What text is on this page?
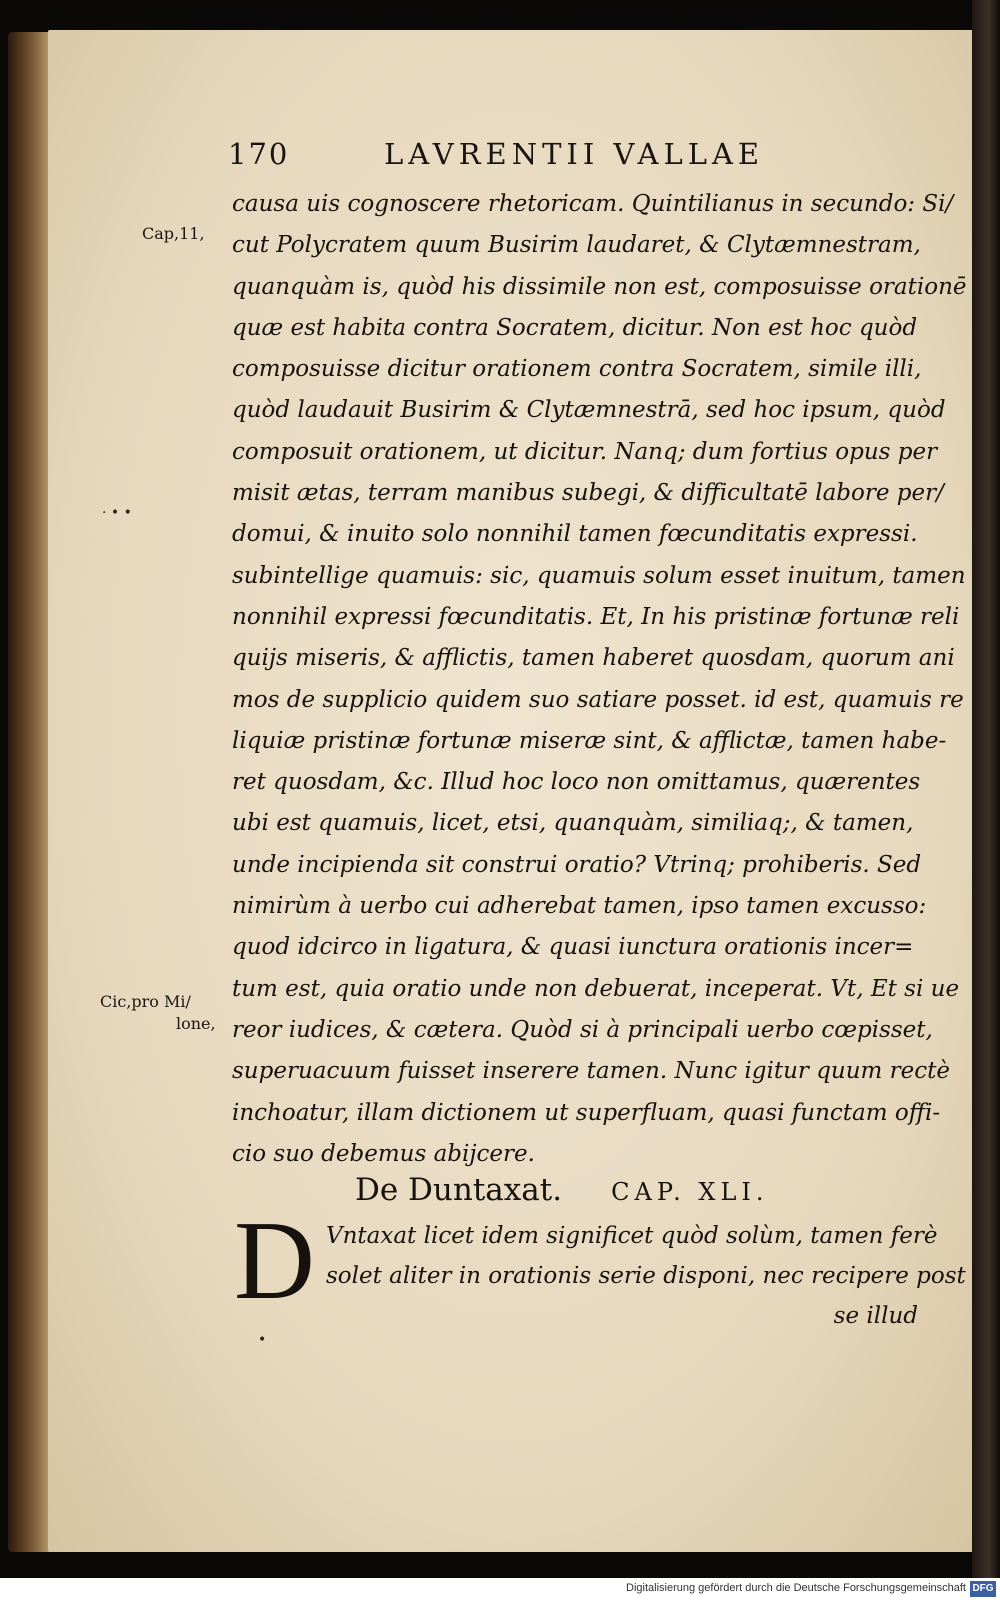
170	LAVRENTII VALLAE
Cap,11,
· • •
Cic,pro Mi/
lone,
•
causa uis cognoscere rhetoricam. Quintilianus in secundo: Si/
cut Polycratem quum Busirim laudaret, & Clytæmnestram,
quanquàm is, quòd his dissimile non est, composuisse orationē
quæ est habita contra Socratem, dicitur. Non est hoc quòd
composuisse dicitur orationem contra Socratem, simile illi,
quòd laudauit Busirim & Clytæmnestrā, sed hoc ipsum, quòd
composuit orationem, ut dicitur. Nanq; dum fortius opus per
misit ætas, terram manibus subegi, & difficultatē labore per/
domui, & inuito solo nonnihil tamen fœcunditatis expressi.
subintellige quamuis: sic, quamuis solum esset inuitum, tamen
nonnihil expressi fœcunditatis. Et, In his pristinæ fortunæ reli
quijs miseris, & afflictis, tamen haberet quosdam, quorum ani
mos de supplicio quidem suo satiare posset. id est, quamuis re
liquiæ pristinæ fortunæ miseræ sint, & afflictæ, tamen habe-
ret quosdam, &c. Illud hoc loco non omittamus, quærentes
ubi est quamuis, licet, etsi, quanquàm, similiaq;, & tamen,
unde incipienda sit construi oratio? Vtrinq; prohiberis. Sed
nimirùm à uerbo cui adherebat tamen, ipso tamen excusso:
quod idcirco in ligatura, & quasi iunctura orationis incer=
tum est, quia oratio unde non debuerat, inceperat. Vt, Et si ue
reor iudices, & cætera. Quòd si à principali uerbo cœpisset,
superuacuum fuisset inserere tamen. Nunc igitur quum rectè
inchoatur, illam dictionem ut superfluam, quasi functam offi-
cio suo debemus abijcere.
De Duntaxat. CAP. XLI.
D Vntaxat licet idem significet quòd solùm, tamen ferè
solet aliter in orationis serie disponi, nec recipere post
se illud
Digitalisierung gefördert durch die Deutsche Forschungsgemeinschaft DFG
